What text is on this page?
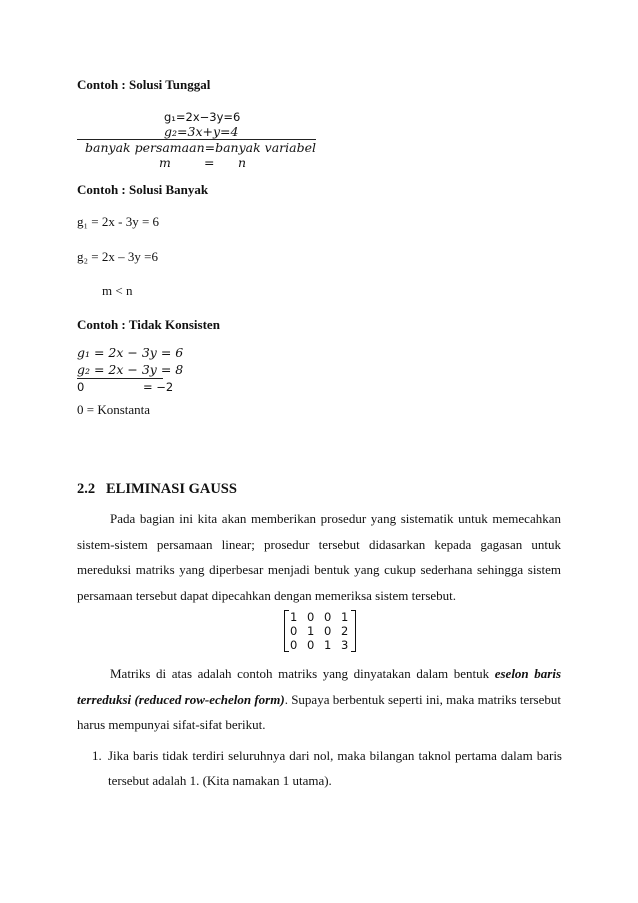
Contoh : Solusi Tunggal
g₁=2x−3y=6
g₂=3x+y=4
banyak persamaan=banyak variabel
m	= n
Contoh : Solusi Banyak
g₁ = 2x - 3y = 6
g₂ = 2x – 3y =6
m < n
Contoh : Tidak Konsisten
g₁ = 2x − 3y = 6
g₂ = 2x − 3y = 8
0	= −2
0 = Konstanta
2.2   ELIMINASI GAUSS
Pada bagian ini kita akan memberikan prosedur yang sistematik untuk memecahkan sistem-sistem persamaan linear; prosedur tersebut didasarkan kepada gagasan untuk mereduksi matriks yang diperbesar menjadi bentuk yang cukup sederhana sehingga sistem persamaan tersebut dapat dipecahkan dengan memeriksa sistem tersebut.
1 0 0 1
0 1 0 2
0 0 1 3
Matriks di atas adalah contoh matriks yang dinyatakan dalam bentuk eselon baris terreduksi (reduced row-echelon form). Supaya berbentuk seperti ini, maka matriks tersebut harus mempunyai sifat-sifat berikut.
1. Jika baris tidak terdiri seluruhnya dari nol, maka bilangan taknol pertama dalam baris tersebut adalah 1. (Kita namakan 1 utama).
